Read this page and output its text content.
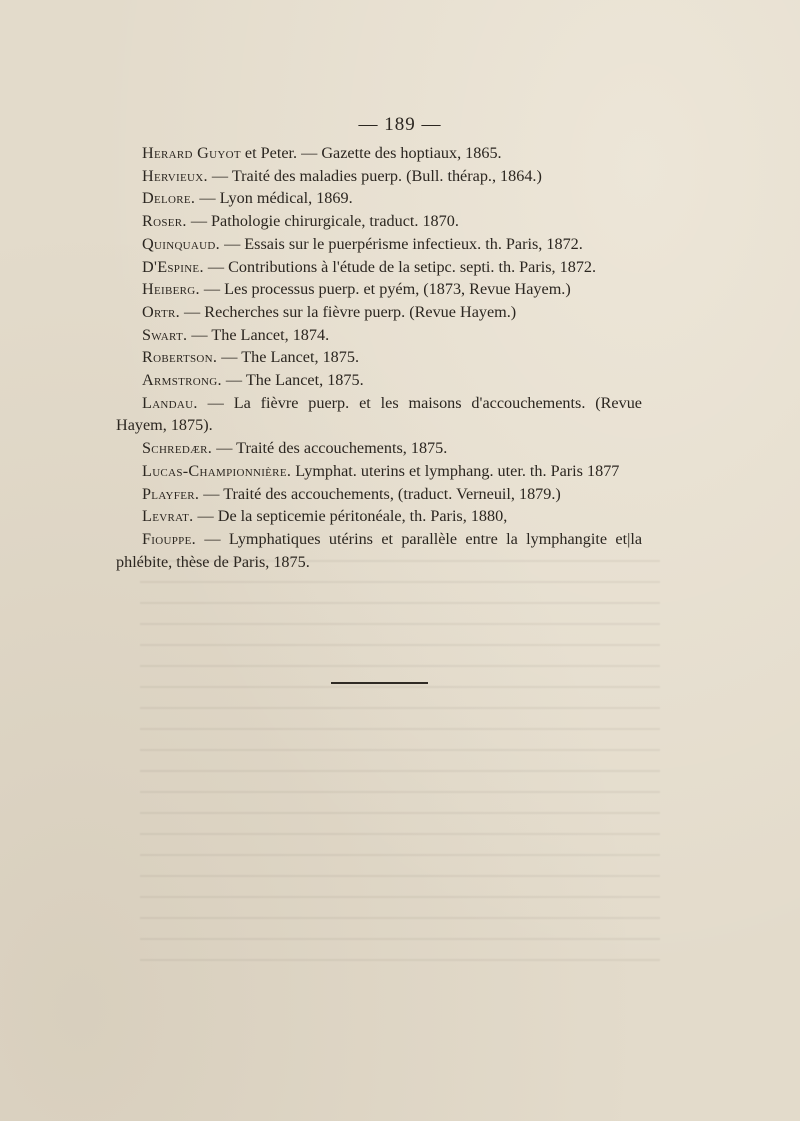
— 189 —

Herard Guyot et Peter. — Gazette des hoptiaux, 1865.

Hervieux. — Traité des maladies puerp. (Bull. thérap., 1864.)

Delore. — Lyon médical, 1869.

Roser. — Pathologie chirurgicale, traduct. 1870.

Quinquaud. — Essais sur le puerpérisme infectieux. th. Paris, 1872.

D'Espine. — Contributions à l'étude de la setipc. septi. th. Paris, 1872.

Heiberg. — Les processus puerp. et pyém, (1873, Revue Hayem.)

Ortr. — Recherches sur la fièvre puerp. (Revue Hayem.)

Swart. — The Lancet, 1874.

Robertson. — The Lancet, 1875.

Armstrong. — The Lancet, 1875.

Landau. — La fièvre puerp. et les maisons d'accouchements. (Revue Hayem, 1875).

Schredær. — Traité des accouchements, 1875.

Lucas-Championnière. Lymphat. uterins et lymphang. uter. th. Paris 1877

Playfer. — Traité des accouchements, (traduct. Verneuil, 1879.)

Levrat. — De la septicemie péritonéale, th. Paris, 1880,

Fiouppe. — Lymphatiques utérins et parallèle entre la lymphangite et|la phlébite, thèse de Paris, 1875.
